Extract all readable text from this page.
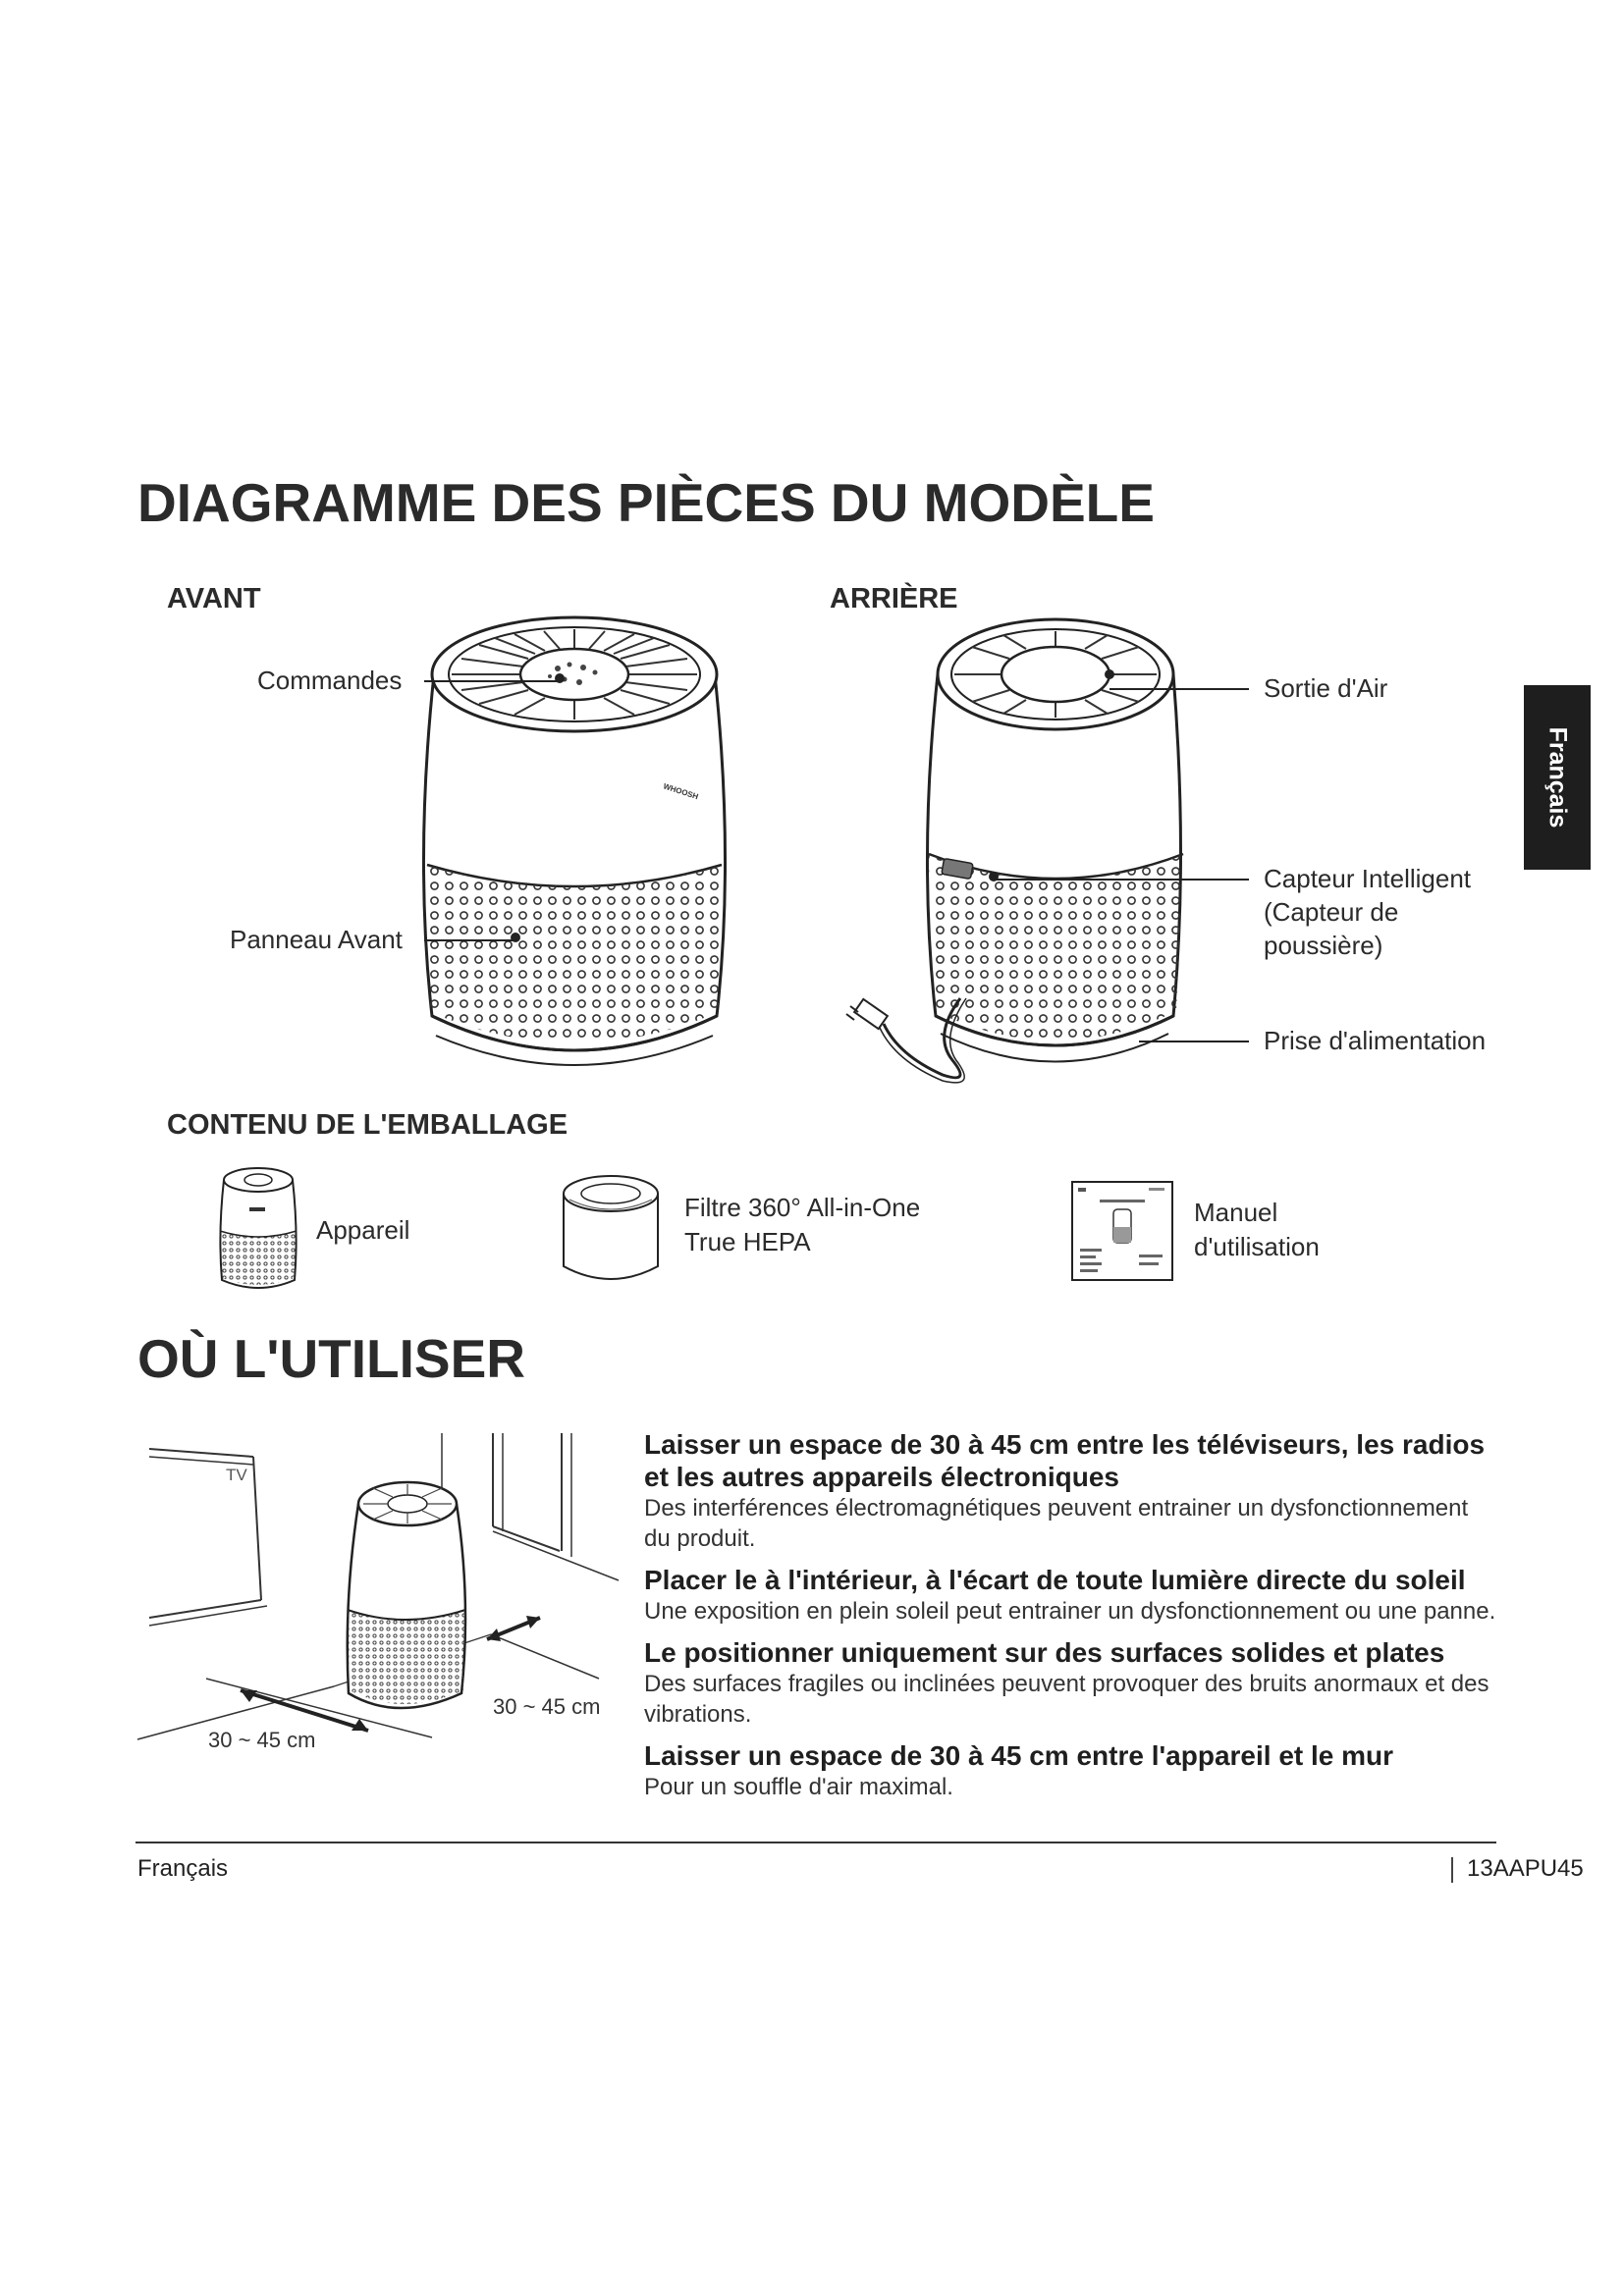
DIAGRAMME DES PIÈCES DU MODÈLE
AVANT
WHOOSH
Commandes
Panneau Avant
ARRIÈRE
Sortie d'Air
Capteur Intelligent
(Capteur de
poussière)
Prise d'alimentation
Français
CONTENU DE L'EMBALLAGE
Appareil
Filtre 360° All-in-One
True HEPA
Manuel
d'utilisation
OÙ L'UTILISER
TV
30 ~ 45 cm
30 ~ 45 cm
Laisser un espace de 30 à 45 cm entre les téléviseurs, les radios et les autres appareils électroniques
Des interférences électromagnétiques peuvent entrainer un dysfonctionnement du produit.
Placer le à l'intérieur, à l'écart de toute lumière directe du soleil
Une exposition en plein soleil peut entrainer un dysfonctionnement ou une panne.
Le positionner uniquement sur des surfaces solides et plates
Des surfaces fragiles ou inclinées peuvent provoquer des bruits anormaux et des vibrations.
Laisser un espace de 30 à 45 cm entre l'appareil et le mur
Pour un souffle d'air maximal.
Français	13AAPU45
